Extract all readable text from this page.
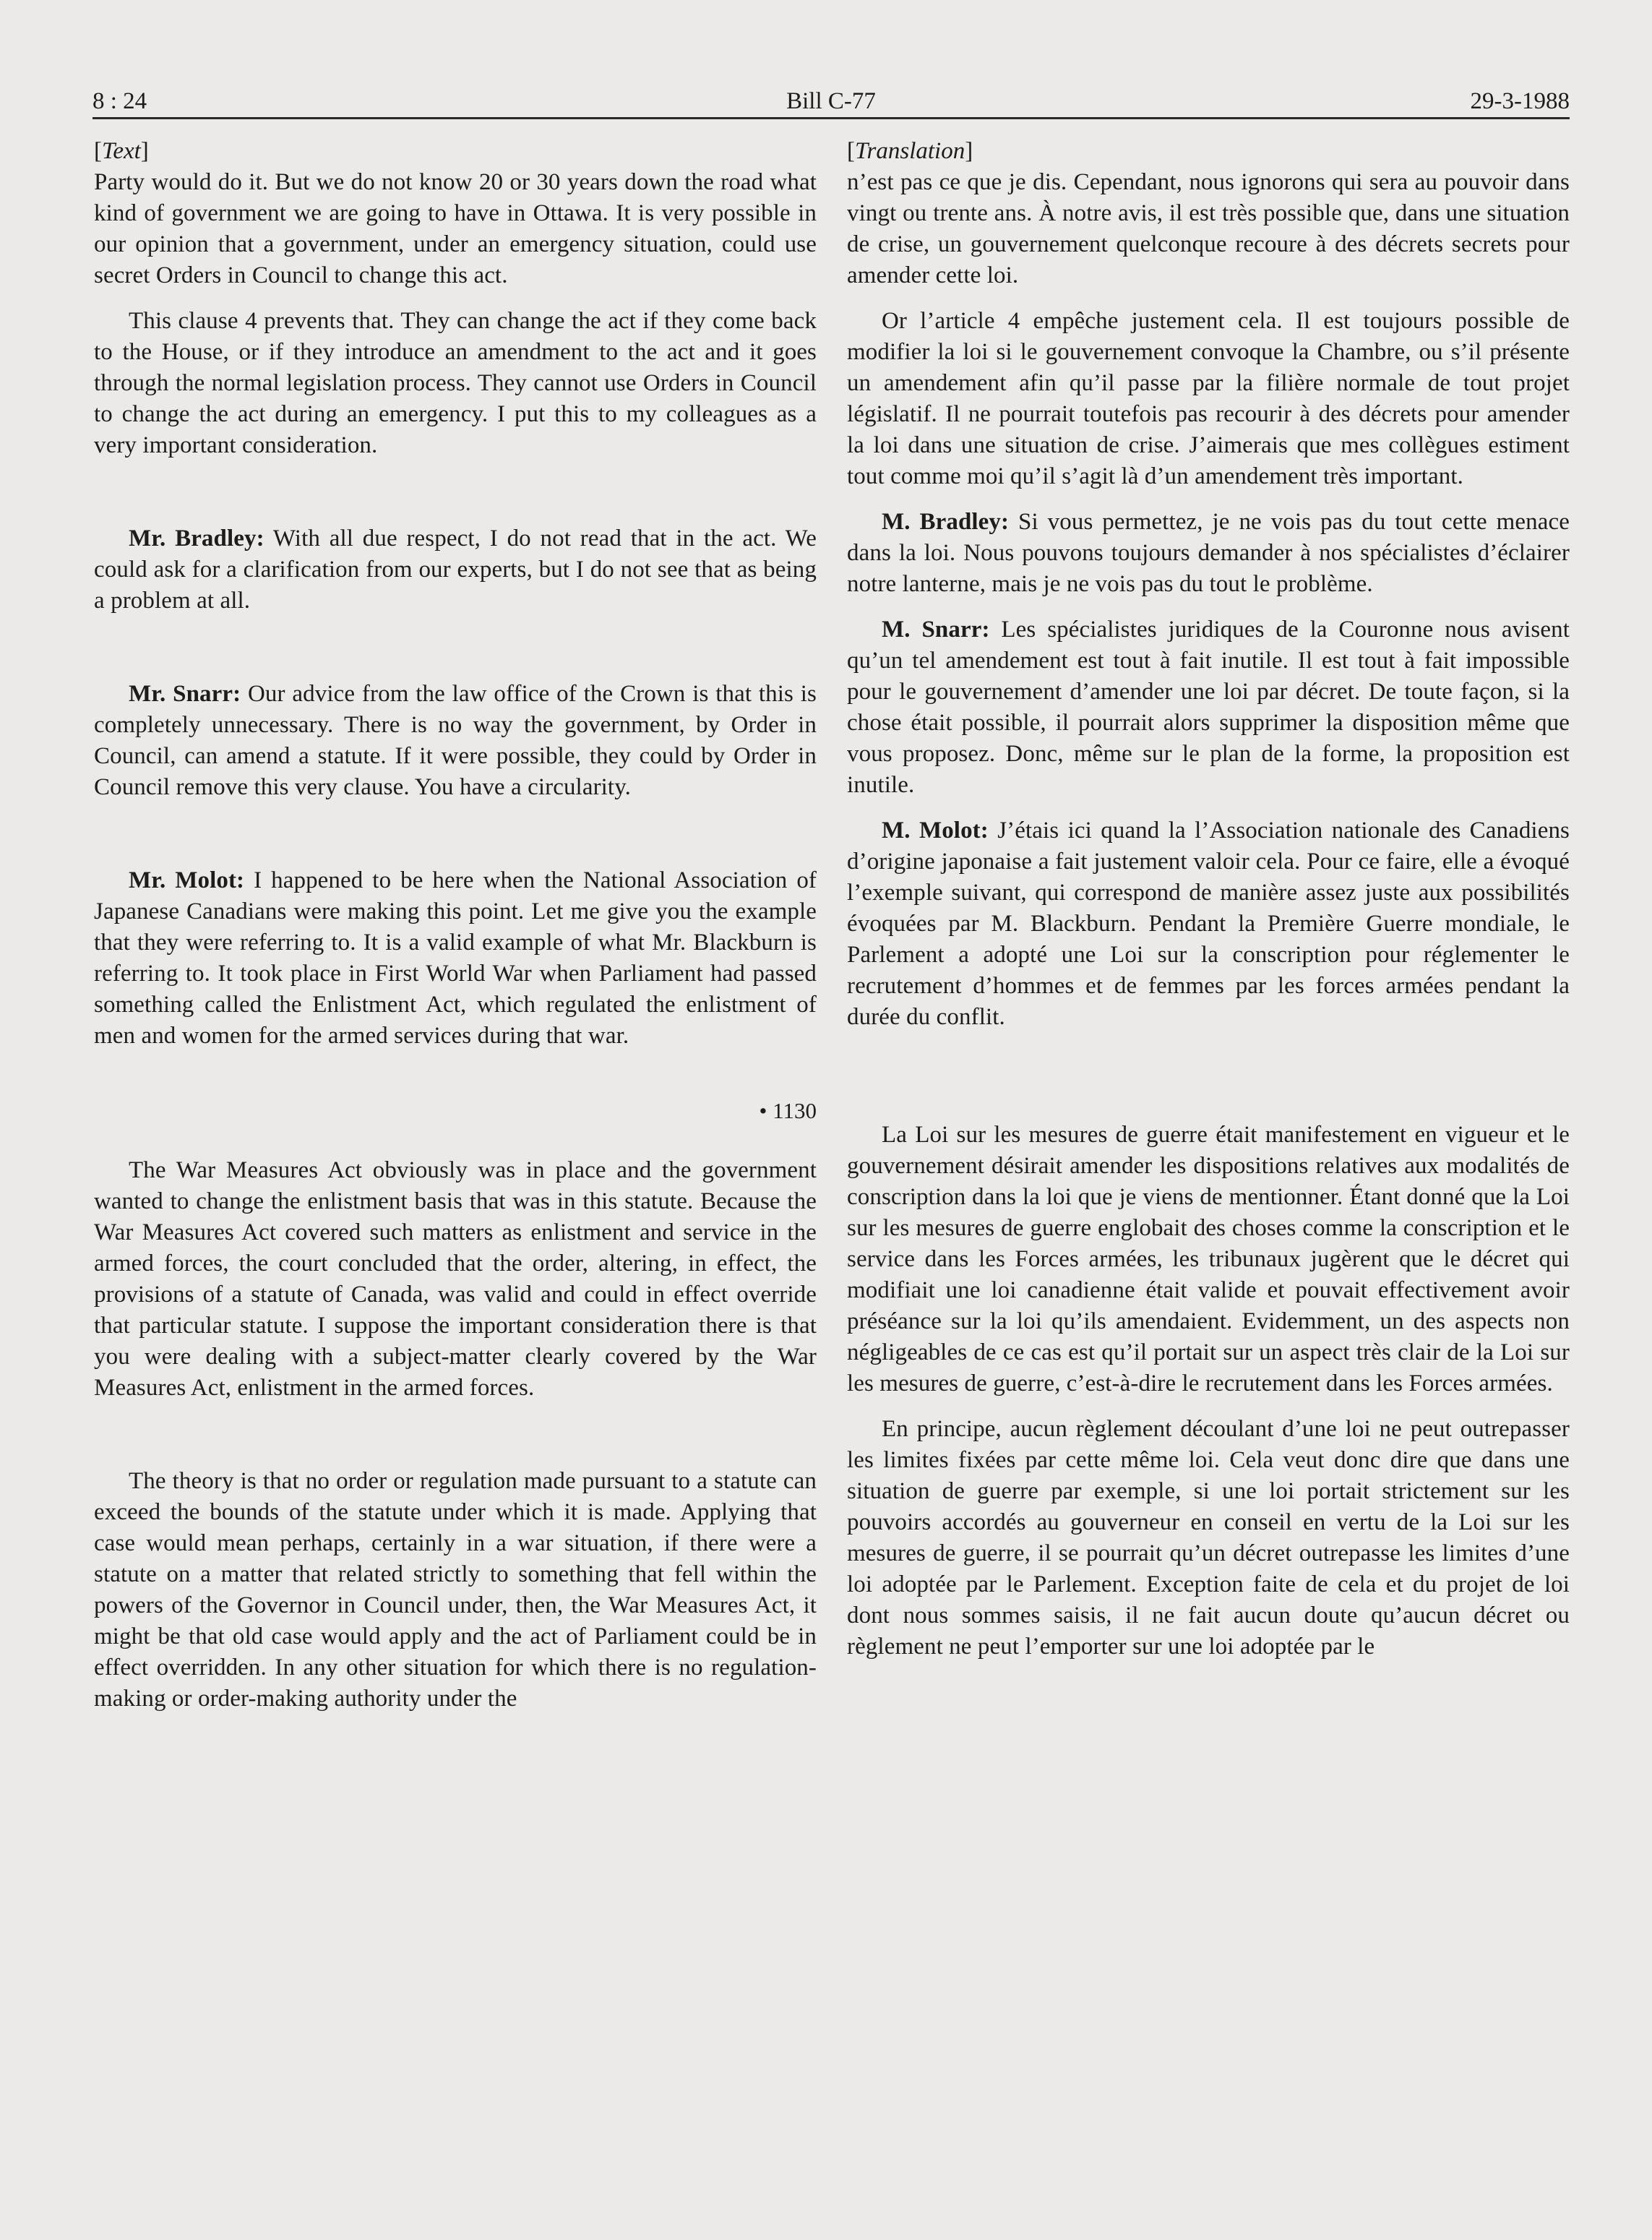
8 : 24	Bill C-77	29-3-1988

[Text]

Party would do it. But we do not know 20 or 30 years down the road what kind of government we are going to have in Ottawa. It is very possible in our opinion that a government, under an emergency situation, could use secret Orders in Council to change this act.

This clause 4 prevents that. They can change the act if they come back to the House, or if they introduce an amendment to the act and it goes through the normal legislation process. They cannot use Orders in Council to change the act during an emergency. I put this to my colleagues as a very important consideration.

Mr. Bradley: With all due respect, I do not read that in the act. We could ask for a clarification from our experts, but I do not see that as being a problem at all.

Mr. Snarr: Our advice from the law office of the Crown is that this is completely unnecessary. There is no way the government, by Order in Council, can amend a statute. If it were possible, they could by Order in Council remove this very clause. You have a circularity.

Mr. Molot: I happened to be here when the National Association of Japanese Canadians were making this point. Let me give you the example that they were referring to. It is a valid example of what Mr. Blackburn is referring to. It took place in First World War when Parliament had passed something called the Enlistment Act, which regulated the enlistment of men and women for the armed services during that war.

• 1130

The War Measures Act obviously was in place and the government wanted to change the enlistment basis that was in this statute. Because the War Measures Act covered such matters as enlistment and service in the armed forces, the court concluded that the order, altering, in effect, the provisions of a statute of Canada, was valid and could in effect override that particular statute. I suppose the important consideration there is that you were dealing with a subject-matter clearly covered by the War Measures Act, enlistment in the armed forces.

The theory is that no order or regulation made pursuant to a statute can exceed the bounds of the statute under which it is made. Applying that case would mean perhaps, certainly in a war situation, if there were a statute on a matter that related strictly to something that fell within the powers of the Governor in Council under, then, the War Measures Act, it might be that old case would apply and the act of Parliament could be in effect overridden. In any other situation for which there is no regulation-making or order-making authority under the

[Translation]

n’est pas ce que je dis. Cependant, nous ignorons qui sera au pouvoir dans vingt ou trente ans. À notre avis, il est très possible que, dans une situation de crise, un gouvernement quelconque recoure à des décrets secrets pour amender cette loi.

Or l’article 4 empêche justement cela. Il est toujours possible de modifier la loi si le gouvernement convoque la Chambre, ou s’il présente un amendement afin qu’il passe par la filière normale de tout projet législatif. Il ne pourrait toutefois pas recourir à des décrets pour amender la loi dans une situation de crise. J’aimerais que mes collègues estiment tout comme moi qu’il s’agit là d’un amendement très important.

M. Bradley: Si vous permettez, je ne vois pas du tout cette menace dans la loi. Nous pouvons toujours demander à nos spécialistes d’éclairer notre lanterne, mais je ne vois pas du tout le problème.

M. Snarr: Les spécialistes juridiques de la Couronne nous avisent qu’un tel amendement est tout à fait inutile. Il est tout à fait impossible pour le gouvernement d’amender une loi par décret. De toute façon, si la chose était possible, il pourrait alors supprimer la disposition même que vous proposez. Donc, même sur le plan de la forme, la proposition est inutile.

M. Molot: J’étais ici quand la l’Association nationale des Canadiens d’origine japonaise a fait justement valoir cela. Pour ce faire, elle a évoqué l’exemple suivant, qui correspond de manière assez juste aux possibilités évoquées par M. Blackburn. Pendant la Première Guerre mondiale, le Parlement a adopté une Loi sur la conscription pour réglementer le recrutement d’hommes et de femmes par les forces armées pendant la durée du conflit.

La Loi sur les mesures de guerre était manifestement en vigueur et le gouvernement désirait amender les dispositions relatives aux modalités de conscription dans la loi que je viens de mentionner. Étant donné que la Loi sur les mesures de guerre englobait des choses comme la conscription et le service dans les Forces armées, les tribunaux jugèrent que le décret qui modifiait une loi canadienne était valide et pouvait effectivement avoir préséance sur la loi qu’ils amendaient. Evidemment, un des aspects non négligeables de ce cas est qu’il portait sur un aspect très clair de la Loi sur les mesures de guerre, c’est-à-dire le recrutement dans les Forces armées.

En principe, aucun règlement découlant d’une loi ne peut outrepasser les limites fixées par cette même loi. Cela veut donc dire que dans une situation de guerre par exemple, si une loi portait strictement sur les pouvoirs accordés au gouverneur en conseil en vertu de la Loi sur les mesures de guerre, il se pourrait qu’un décret outrepasse les limites d’une loi adoptée par le Parlement. Exception faite de cela et du projet de loi dont nous sommes saisis, il ne fait aucun doute qu’aucun décret ou règlement ne peut l’emporter sur une loi adoptée par le
